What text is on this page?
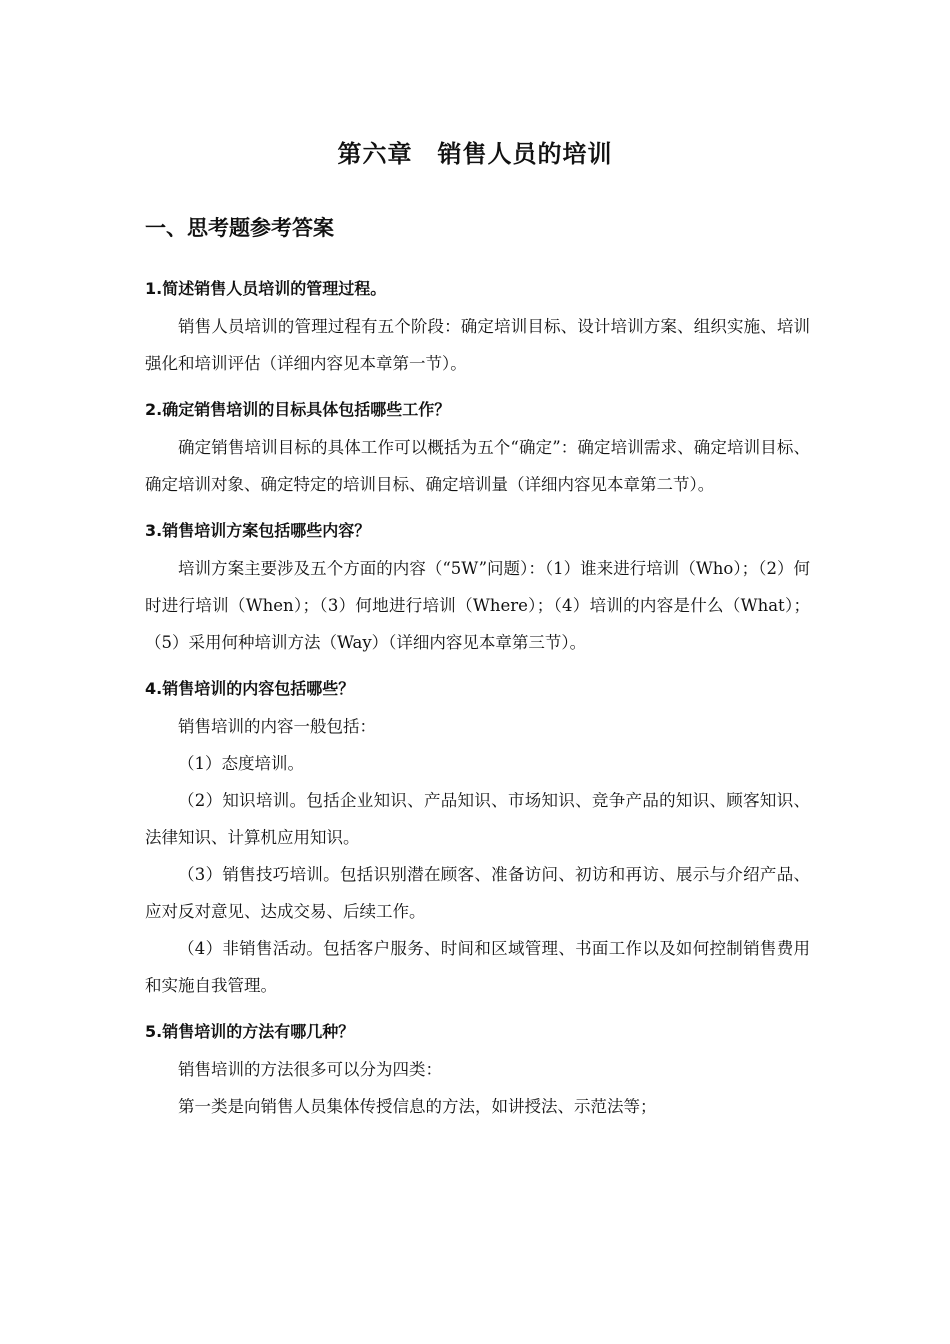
第六章　销售人员的培训
一、思考题参考答案
1.简述销售人员培训的管理过程。

销售人员培训的管理过程有五个阶段：确定培训目标、设计培训方案、组织实施、培训强化和培训评估（详细内容见本章第一节）。

2.确定销售培训的目标具体包括哪些工作？

确定销售培训目标的具体工作可以概括为五个“确定”：确定培训需求、确定培训目标、确定培训对象、确定特定的培训目标、确定培训量（详细内容见本章第二节）。

3.销售培训方案包括哪些内容？

培训方案主要涉及五个方面的内容（“5W”问题）：（1）谁来进行培训（Who）；（2）何时进行培训（When）；（3）何地进行培训（Where）；（4）培训的内容是什么（What）；（5）采用何种培训方法（Way）（详细内容见本章第三节）。

4.销售培训的内容包括哪些？

销售培训的内容一般包括：

（1）态度培训。

（2）知识培训。包括企业知识、产品知识、市场知识、竞争产品的知识、顾客知识、法律知识、计算机应用知识。

（3）销售技巧培训。包括识别潜在顾客、准备访问、初访和再访、展示与介绍产品、应对反对意见、达成交易、后续工作。

（4）非销售活动。包括客户服务、时间和区域管理、书面工作以及如何控制销售费用和实施自我管理。

5.销售培训的方法有哪几种？

销售培训的方法很多可以分为四类：

第一类是向销售人员集体传授信息的方法，如讲授法、示范法等；
